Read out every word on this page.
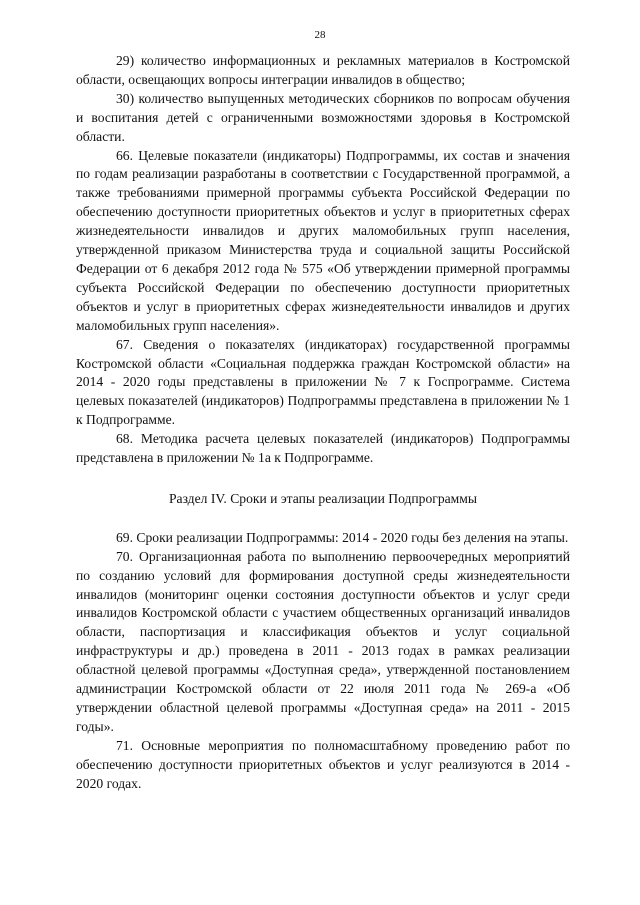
28

29) количество информационных и рекламных материалов в Костромской области, освещающих вопросы интеграции инвалидов в общество;

30) количество выпущенных методических сборников по вопросам обучения и воспитания детей с ограниченными возможностями здоровья в Костромской области.

66. Целевые показатели (индикаторы) Подпрограммы, их состав и значения по годам реализации разработаны в соответствии с Государственной программой, а также требованиями примерной программы субъекта Российской Федерации по обеспечению доступности приоритетных объектов и услуг в приоритетных сферах жизнедеятельности инвалидов и других маломобильных групп населения, утвержденной приказом Министерства труда и социальной защиты Российской Федерации от 6 декабря 2012 года № 575 «Об утверждении примерной программы субъекта Российской Федерации по обеспечению доступности приоритетных объектов и услуг в приоритетных сферах жизнедеятельности инвалидов и других маломобильных групп населения».

67. Сведения о показателях (индикаторах) государственной программы Костромской области «Социальная поддержка граждан Костромской области» на 2014 - 2020 годы представлены в приложении № 7 к Госпрограмме. Система целевых показателей (индикаторов) Подпрограммы представлена в приложении № 1 к Подпрограмме.

68. Методика расчета целевых показателей (индикаторов) Подпрограммы представлена в приложении № 1а к Подпрограмме.

Раздел IV. Сроки и этапы реализации Подпрограммы

69. Сроки реализации Подпрограммы: 2014 - 2020 годы без деления на этапы.

70. Организационная работа по выполнению первоочередных мероприятий по созданию условий для формирования доступной среды жизнедеятельности инвалидов (мониторинг оценки состояния доступности объектов и услуг среди инвалидов Костромской области с участием общественных организаций инвалидов области, паспортизация и классификация объектов и услуг социальной инфраструктуры и др.) проведена в 2011 - 2013 годах в рамках реализации областной целевой программы «Доступная среда», утвержденной постановлением администрации Костромской области от 22 июля 2011 года № 269-а «Об утверждении областной целевой программы «Доступная среда» на 2011 - 2015 годы».

71. Основные мероприятия по полномасштабному проведению работ по обеспечению доступности приоритетных объектов и услуг реализуются в 2014 - 2020 годах.
